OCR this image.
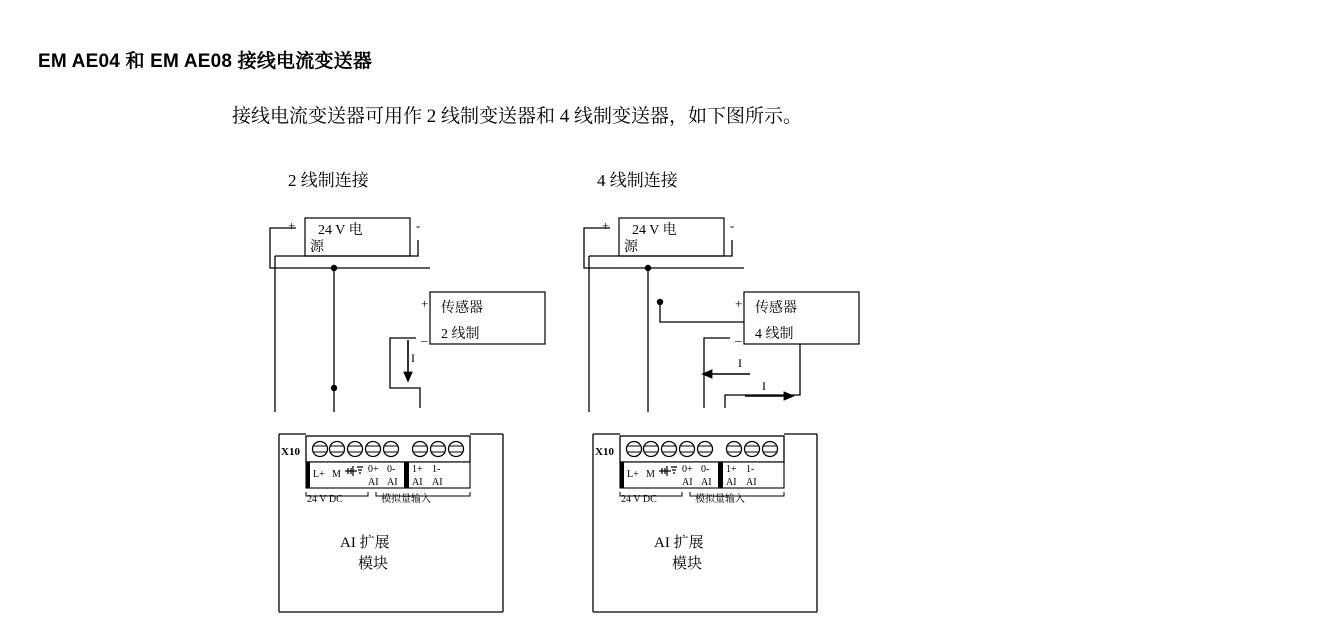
EM AE04 和 EM AE08 接线电流变送器
接线电流变送器可用作 2 线制变送器和 4 线制变送器，如下图所示。
2 线制连接
24 V 电
源
+	-
传感器
2 线制
+
_
I
X10
L+ M	0+
AI
0-
AI
1+
AI
1-
AI
24 V DC	模拟量输入
AI 扩展
模块
4 线制连接
24 V 电
源
+	-
传感器
4 线制
+
_
I
I
X10
L+ M	0+
AI
0-
AI
1+
AI
1-
AI
24 V DC	模拟量输入
AI 扩展
模块
